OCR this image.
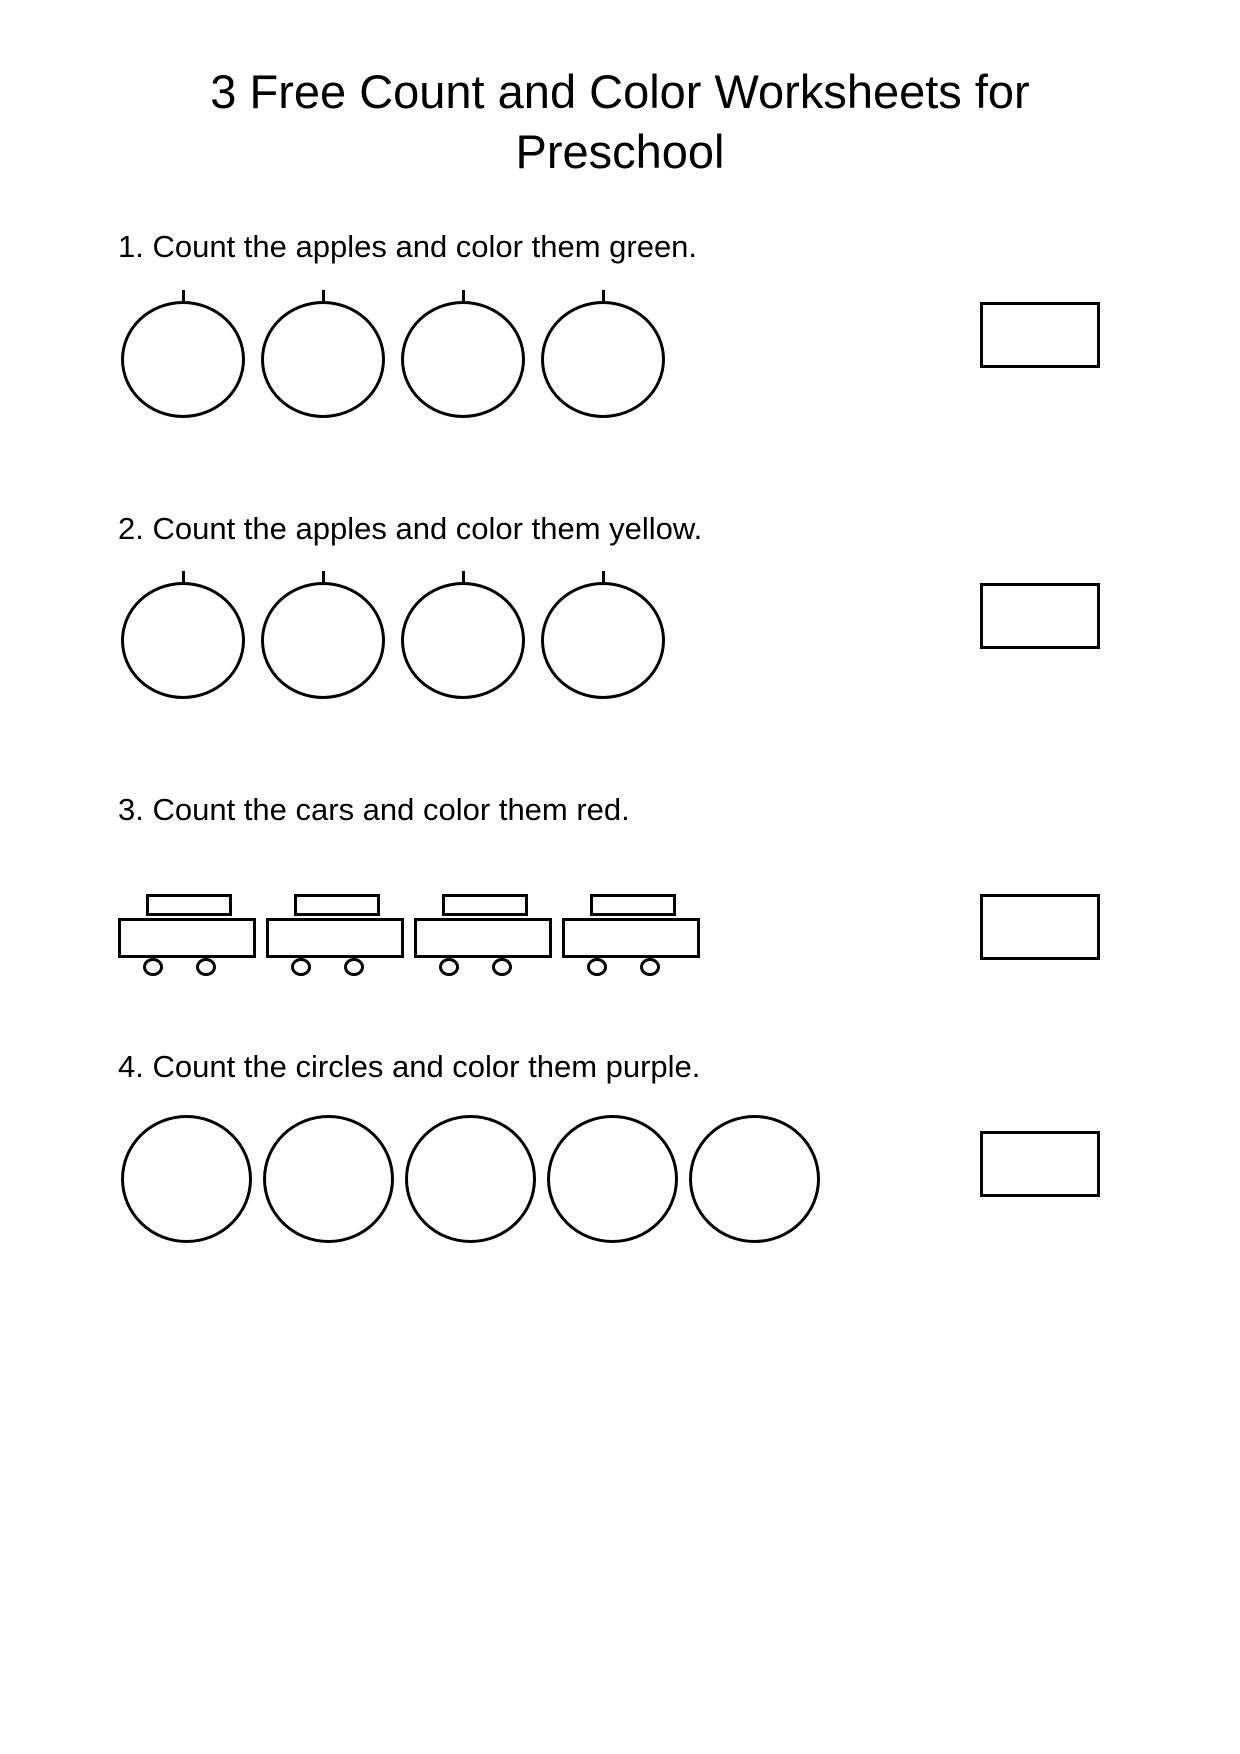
3 Free Count and Color Worksheets for Preschool

1. Count the apples and color them green.

2. Count the apples and color them yellow.

3. Count the cars and color them red.

4. Count the circles and color them purple.
